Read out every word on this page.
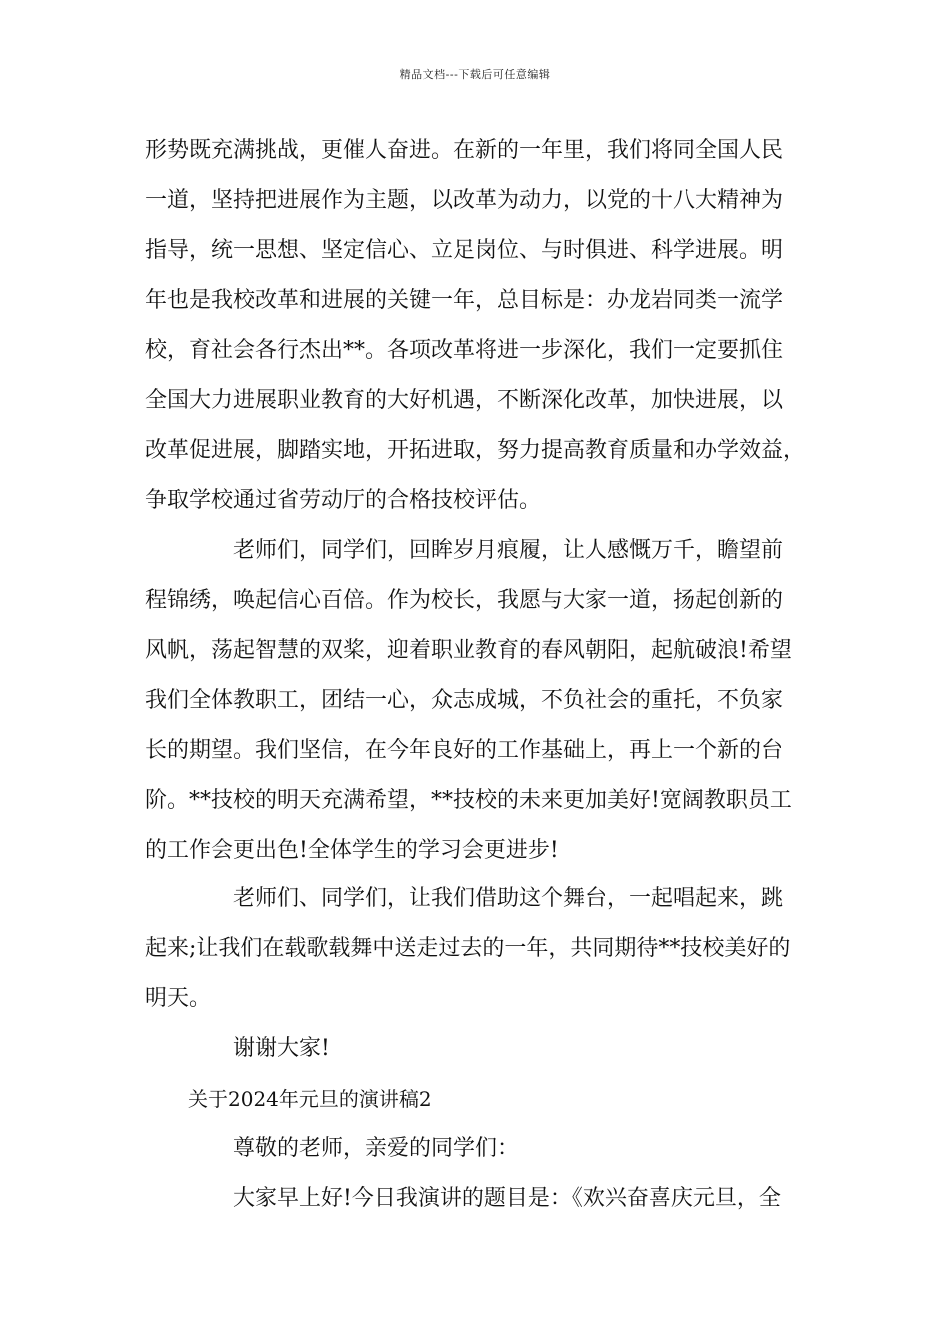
精品文档---下载后可任意编辑
形势既充满挑战，更催人奋进。在新的一年里，我们将同全国人民
一道，坚持把进展作为主题，以改革为动力，以党的十八大精神为
指导，统一思想、坚定信心、立足岗位、与时俱进、科学进展。明
年也是我校改革和进展的关键一年，总目标是：办龙岩同类一流学
校，育社会各行杰出**。各项改革将进一步深化，我们一定要抓住
全国大力进展职业教育的大好机遇，不断深化改革，加快进展，以
改革促进展，脚踏实地，开拓进取，努力提高教育质量和办学效益，
争取学校通过省劳动厅的合格技校评估。
老师们，同学们，回眸岁月痕履，让人感慨万千，瞻望前
程锦绣，唤起信心百倍。作为校长，我愿与大家一道，扬起创新的
风帆，荡起智慧的双桨，迎着职业教育的春风朝阳，起航破浪!希望
我们全体教职工，团结一心，众志成城，不负社会的重托，不负家
长的期望。我们坚信，在今年良好的工作基础上，再上一个新的台
阶。**技校的明天充满希望，**技校的未来更加美好!宽阔教职员工
的工作会更出色!全体学生的学习会更进步!
老师们、同学们，让我们借助这个舞台，一起唱起来，跳
起来;让我们在载歌载舞中送走过去的一年，共同期待**技校美好的
明天。
谢谢大家!
关于2024年元旦的演讲稿2
尊敬的老师，亲爱的同学们：
大家早上好!今日我演讲的题目是：《欢兴奋喜庆元旦，全
